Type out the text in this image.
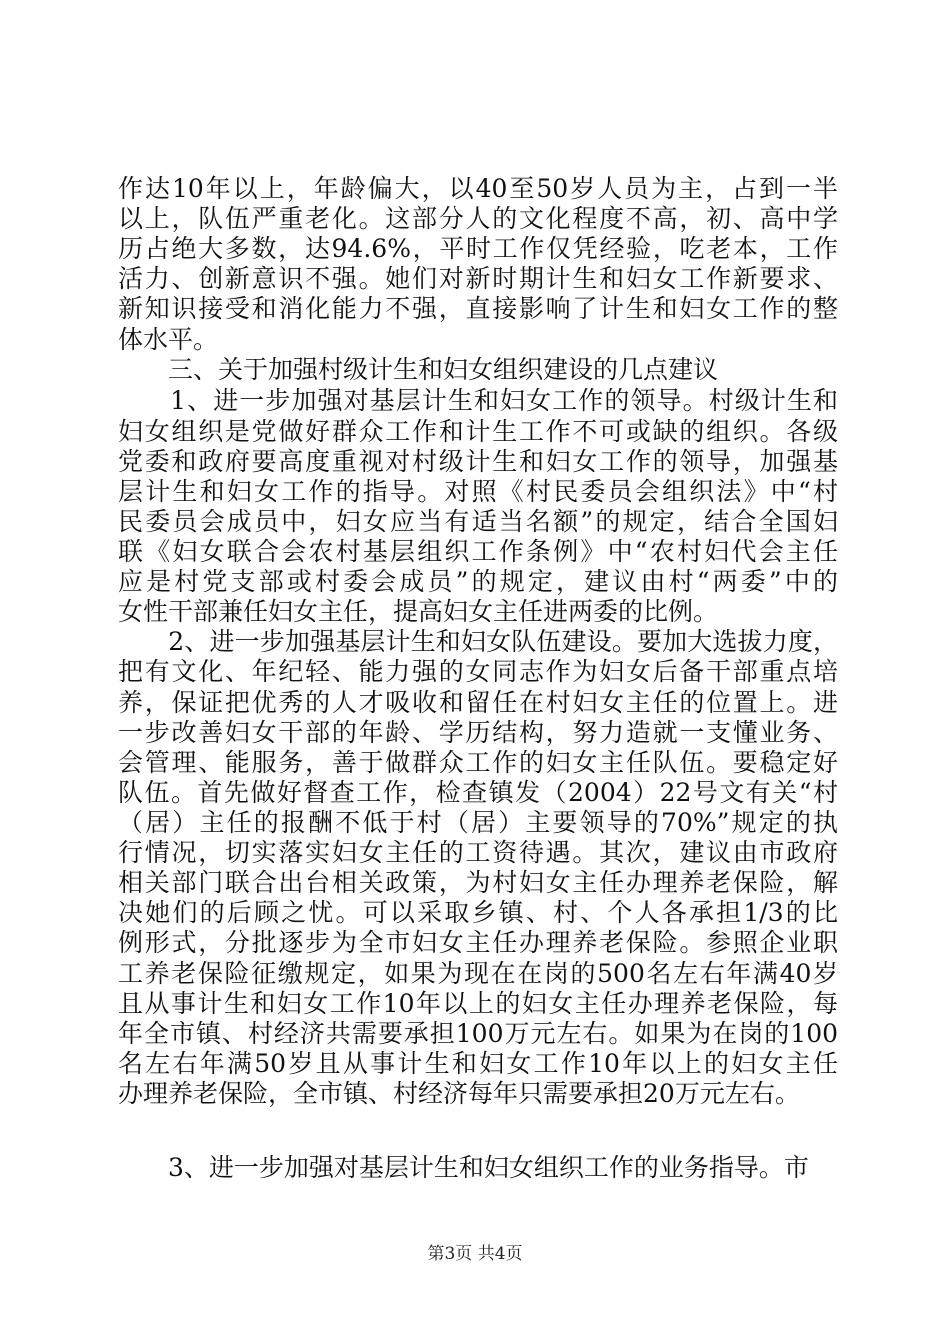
作达10年以上，年龄偏大，以40至50岁人员为主，占到一半
以上，队伍严重老化。这部分人的文化程度不高，初、高中学
历占绝大多数，达94.6%，平时工作仅凭经验，吃老本，工作
活力、创新意识不强。她们对新时期计生和妇女工作新要求、
新知识接受和消化能力不强，直接影响了计生和妇女工作的整
体水平。
　　三、关于加强村级计生和妇女组织建设的几点建议
　　1、进一步加强对基层计生和妇女工作的领导。村级计生和
妇女组织是党做好群众工作和计生工作不可或缺的组织。各级
党委和政府要高度重视对村级计生和妇女工作的领导，加强基
层计生和妇女工作的指导。对照《村民委员会组织法》中“村
民委员会成员中，妇女应当有适当名额”的规定，结合全国妇
联《妇女联合会农村基层组织工作条例》中“农村妇代会主任
应是村党支部或村委会成员”的规定，建议由村“两委”中的
女性干部兼任妇女主任，提高妇女主任进两委的比例。
　　2、进一步加强基层计生和妇女队伍建设。要加大选拔力度，
把有文化、年纪轻、能力强的女同志作为妇女后备干部重点培
养，保证把优秀的人才吸收和留任在村妇女主任的位置上。进
一步改善妇女干部的年龄、学历结构，努力造就一支懂业务、
会管理、能服务，善于做群众工作的妇女主任队伍。要稳定好
队伍。首先做好督查工作，检查镇发（2004）22号文有关“村
（居）主任的报酬不低于村（居）主要领导的70%”规定的执
行情况，切实落实妇女主任的工资待遇。其次，建议由市政府
相关部门联合出台相关政策，为村妇女主任办理养老保险，解
决她们的后顾之忧。可以采取乡镇、村、个人各承担1/3的比
例形式，分批逐步为全市妇女主任办理养老保险。参照企业职
工养老保险征缴规定，如果为现在在岗的500名左右年满40岁
且从事计生和妇女工作10年以上的妇女主任办理养老保险，每
年全市镇、村经济共需要承担100万元左右。如果为在岗的100
名左右年满50岁且从事计生和妇女工作10年以上的妇女主任
办理养老保险，全市镇、村经济每年只需要承担20万元左右。
　　3、进一步加强对基层计生和妇女组织工作的业务指导。市
第3页 共4页
